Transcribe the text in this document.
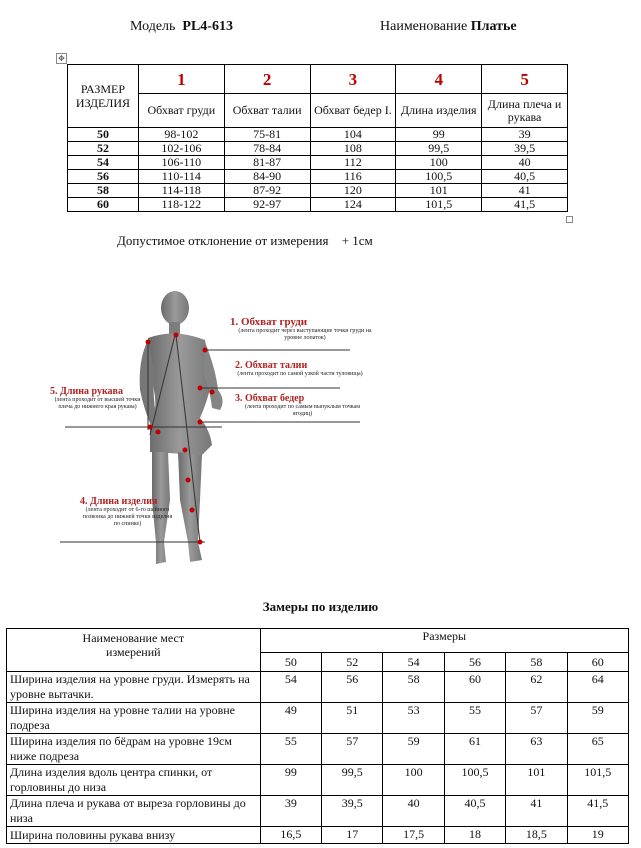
Модель PL4-613	Наименование Платье
✥
РАЗМЕР ИЗДЕЛИЯ	1	2	3	4	5
	Обхват груди	Обхват талии	Обхват бедер I.	Длина изделия	Длина плеча и рукава
50	98-102	75-81	104	99	39
52	102-106	78-84	108	99,5	39,5
54	106-110	81-87	112	100	40
56	110-114	84-90	116	100,5	40,5
58	114-118	87-92	120	101	41
60	118-122	92-97	124	101,5	41,5
Допустимое отклонение от измерения + 1см
1. Обхват груди
(лента проходит через выступающие точки груди на уровне лопаток)
2. Обхват талии
(лента проходит по самой узкой части туловища)
3. Обхват бедер
(лента проходит по самым выпуклым точкам ягодиц)
5. Длина рукава
(лента проходит от высшей точки плеча до нижнего края рукава)
4. Длина изделия
(лента проходит от 6-го шейного позвонка до нижней точки изделия по спинке)
Замеры по изделию
Наименование мест измерений	Размеры					
	50	52	54	56	58	60
Ширина изделия на уровне груди. Измерять на уровне вытачки.	54	56	58	60	62	64
Ширина изделия на уровне талии на уровне подреза	49	51	53	55	57	59
Ширина изделия по бёдрам на уровне 19см ниже подреза	55	57	59	61	63	65
Длина изделия вдоль центра спинки, от горловины до низа	99	99,5	100	100,5	101	101,5
Длина плеча и рукава от выреза горловины до низа	39	39,5	40	40,5	41	41,5
Ширина половины рукава внизу	16,5	17	17,5	18	18,5	19
